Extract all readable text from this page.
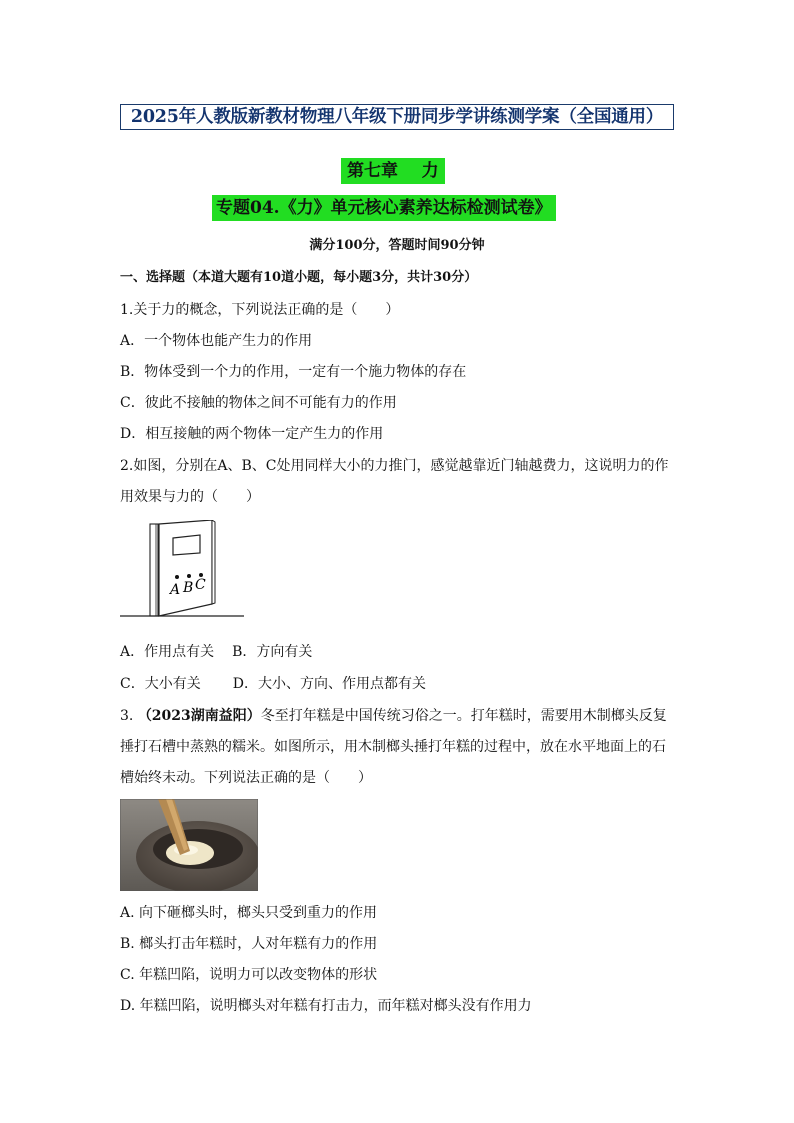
2025年人教版新教材物理八年级下册同步学讲练测学案（全国通用）
第七章    力
专题04.《力》单元核心素养达标检测试卷》
满分100分，答题时间90分钟
一、选择题（本道大题有10道小题，每小题3分，共计30分）
1.关于力的概念，下列说法正确的是（　　）
A．一个物体也能产生力的作用
B．物体受到一个力的作用，一定有一个施力物体的存在
C．彼此不接触的物体之间不可能有力的作用
D．相互接触的两个物体一定产生力的作用
2.如图，分别在A、B、C处用同样大小的力推门，感觉越靠近门轴越费力，这说明力的作用效果与力的（　　）
A B C
A．作用点有关 B．方向有关
C．大小有关 D．大小、方向、作用点都有关
3. （2023湖南益阳）冬至打年糕是中国传统习俗之一。打年糕时，需要用木制榔头反复捶打石槽中蒸熟的糯米。如图所示，用木制榔头捶打年糕的过程中，放在水平地面上的石槽始终未动。下列说法正确的是（　　）
A. 向下砸榔头时，榔头只受到重力的作用
B. 榔头打击年糕时，人对年糕有力的作用
C. 年糕凹陷，说明力可以改变物体的形状
D. 年糕凹陷，说明榔头对年糕有打击力，而年糕对榔头没有作用力
